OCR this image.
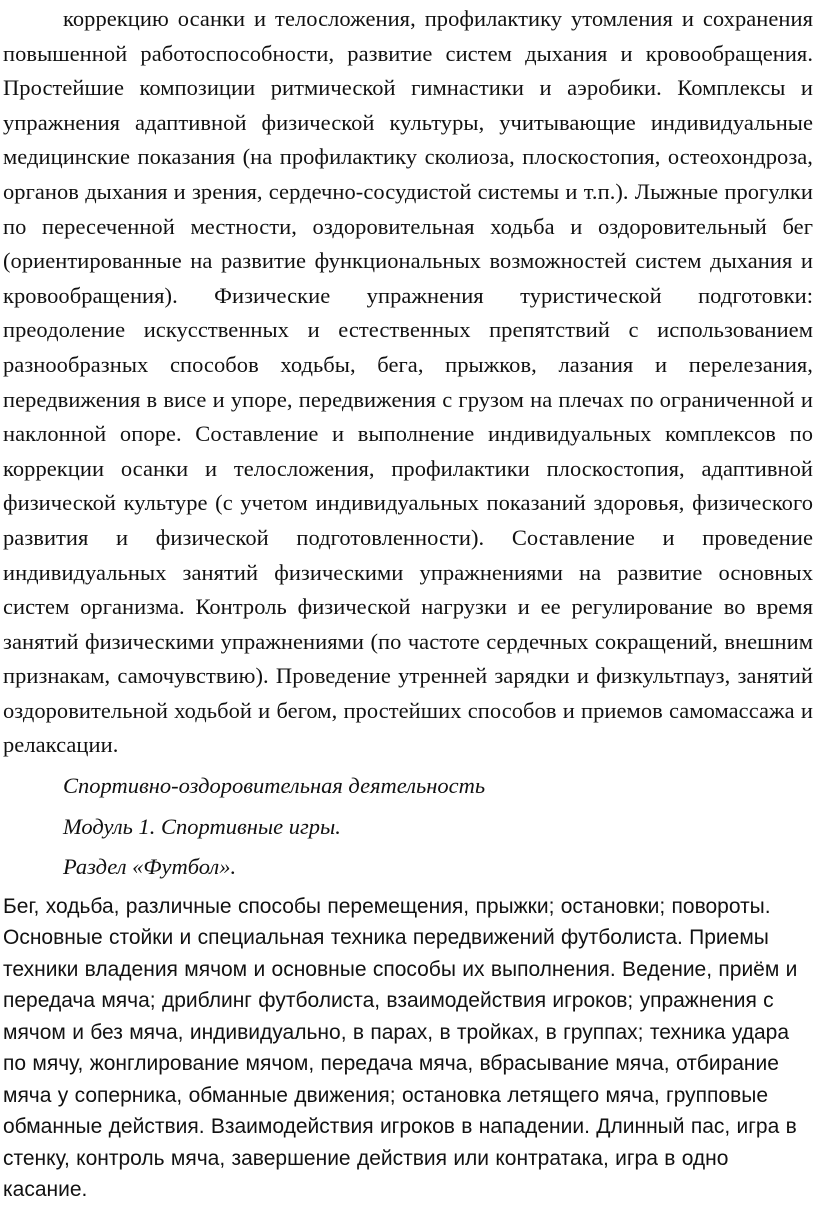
коррекцию осанки и телосложения, профилактику утомления и сохранения повышенной работоспособности, развитие систем дыхания и кровообращения. Простейшие композиции ритмической гимнастики и аэробики. Комплексы и упражнения адаптивной физической культуры, учитывающие индивидуальные медицинские показания (на профилактику сколиоза, плоскостопия, остеохондроза, органов дыхания и зрения, сердечно-сосудистой системы и т.п.). Лыжные прогулки по пересеченной местности, оздоровительная ходьба и оздоровительный бег (ориентированные на развитие функциональных возможностей систем дыхания и кровообращения). Физические упражнения туристической подготовки: преодоление искусственных и естественных препятствий с использованием разнообразных способов ходьбы, бега, прыжков, лазания и перелезания, передвижения в висе и упоре, передвижения с грузом на плечах по ограниченной и наклонной опоре. Составление и выполнение индивидуальных комплексов по коррекции осанки и телосложения, профилактики плоскостопия, адаптивной физической культуре (с учетом индивидуальных показаний здоровья, физического развития и физической подготовленности). Составление и проведение индивидуальных занятий физическими упражнениями на развитие основных систем организма. Контроль физической нагрузки и ее регулирование во время занятий физическими упражнениями (по частоте сердечных сокращений, внешним признакам, самочувствию). Проведение утренней зарядки и физкультпауз, занятий оздоровительной ходьбой и бегом, простейших способов и приемов самомассажа и релаксации.

Спортивно-оздоровительная деятельность

Модуль 1. Спортивные игры.

Раздел «Футбол».

Бег, ходьба, различные способы перемещения, прыжки; остановки; повороты. Основные стойки и специальная техника передвижений футболиста. Приемы техники владения мячом и основные способы их выполнения. Ведение, приём и передача мяча; дриблинг футболиста, взаимодействия игроков; упражнения с мячом и без мяча, индивидуально, в парах, в тройках, в группах; техника удара по мячу, жонглирование мячом, передача мяча, вбрасывание мяча, отбирание мяча у соперника, обманные движения; остановка летящего мяча, групповые обманные действия. Взаимодействия игроков в нападении. Длинный пас, игра в стенку, контроль мяча, завершение действия или контратака, игра в одно касание.
